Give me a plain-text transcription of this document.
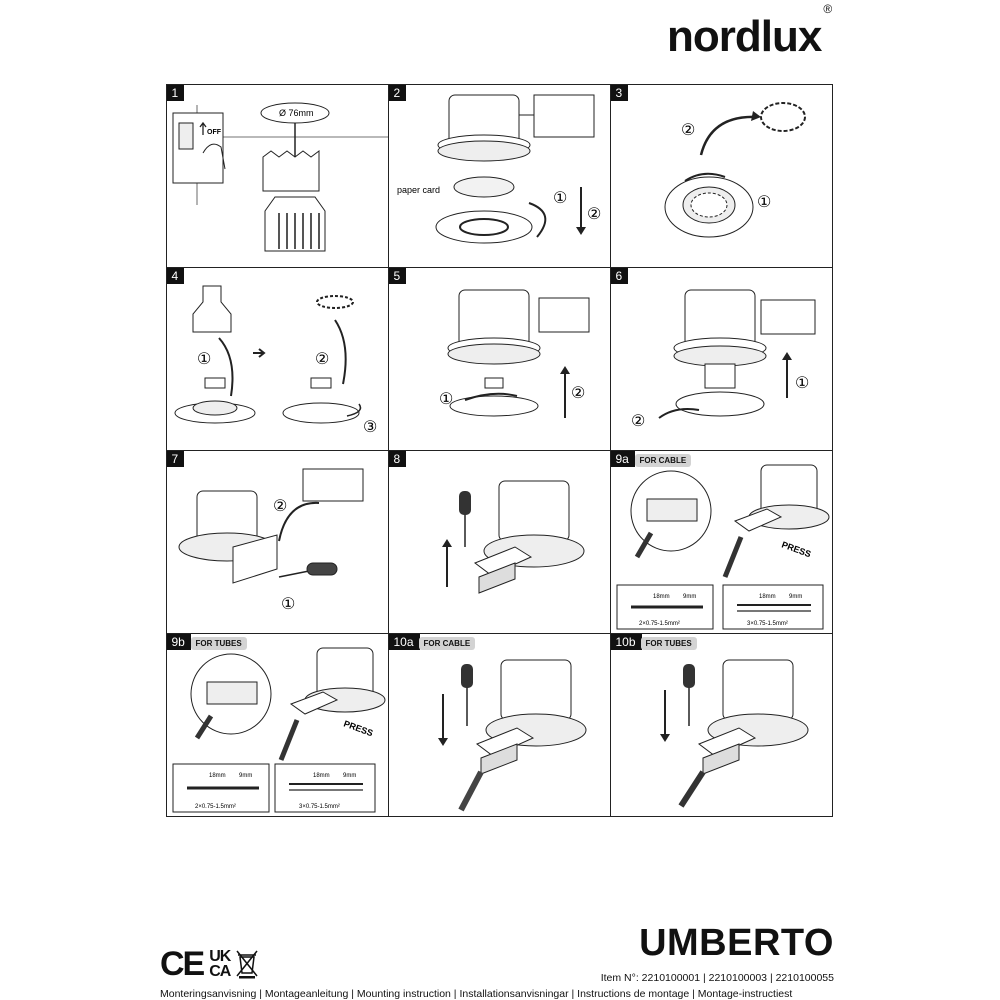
nordlux®
1
OFF
Ø 76mm
2
paper card	①
②
3
②
①
4
①	②
③
5
①	②
6
②
①
7
②
①
8	9a	FOR CABLE
PRESS
18mm 9mm	18mm 9mm
2×0.75-1.5mm²	3×0.75-1.5mm²
9b	FOR TUBES
PRESS
18mm 9mm	18mm 9mm
2×0.75-1.5mm²	3×0.75-1.5mm²
10a	FOR CABLE	10b	FOR TUBES
CE UK
CA
UMBERTO
Item N°: 2210100001 | 2210100003 | 2210100055
Monteringsanvisning | Montageanleitung | Mounting instruction | Installationsanvisningar | Instructions de montage | Montage-instructiest
